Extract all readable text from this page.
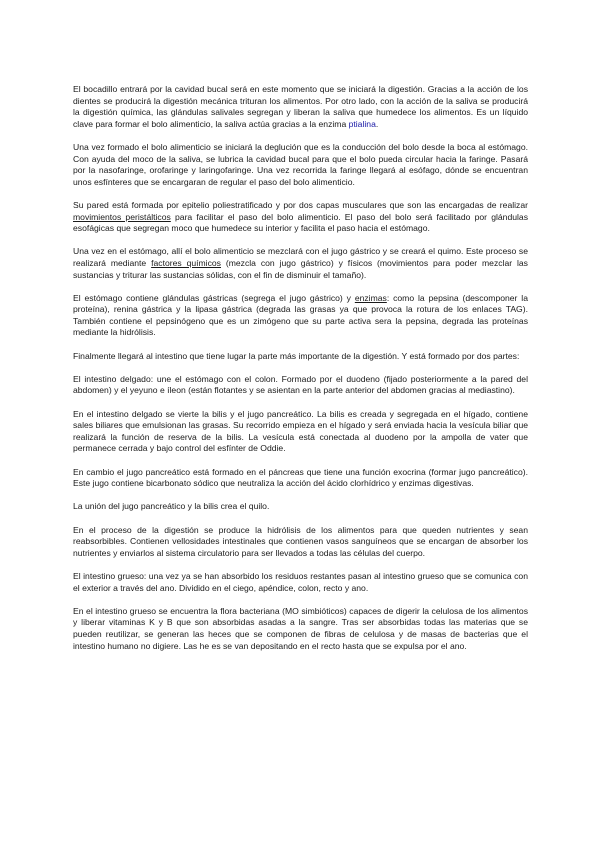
El bocadillo entrará por la cavidad bucal será en este momento que se iniciará la digestión. Gracias a la acción de los dientes se producirá la digestión mecánica trituran los alimentos. Por otro lado, con la acción de la saliva se producirá la digestión química, las glándulas salivales segregan y liberan la saliva que humedece los alimentos. Es un líquido clave para formar el bolo alimenticio, la saliva actúa gracias a la enzima ptialina.

Una vez formado el bolo alimenticio se iniciará la deglución que es la conducción del bolo desde la boca al estómago. Con ayuda del moco de la saliva, se lubrica la cavidad bucal para que el bolo pueda circular hacia la faringe. Pasará por la nasofaringe, orofaringe y laringofaringe. Una vez recorrida la faringe llegará al esófago, dónde se encuentran unos esfínteres que se encargaran de regular el paso del bolo alimenticio.

Su pared está formada por epitelio poliestratificado y por dos capas musculares que son las encargadas de realizar movimientos peristálticos para facilitar el paso del bolo alimenticio. El paso del bolo será facilitado por glándulas esofágicas que segregan moco que humedece su interior y facilita el paso hacia el estómago.

Una vez en el estómago, allí el bolo alimenticio se mezclará con el jugo gástrico y se creará el quimo. Este proceso se realizará mediante factores químicos (mezcla con jugo gástrico) y físicos (movimientos para poder mezclar las sustancias y triturar las sustancias sólidas, con el fin de disminuir el tamaño).

El estómago contiene glándulas gástricas (segrega el jugo gástrico) y enzimas: como la pepsina (descomponer la proteína), renina gástrica y la lipasa gástrica (degrada las grasas ya que provoca la rotura de los enlaces TAG). También contiene el pepsinógeno que es un zimógeno que su parte activa sera la pepsina, degrada las proteínas mediante la hidrólisis.

Finalmente llegará al intestino que tiene lugar la parte más importante de la digestión. Y está formado por dos partes:

El intestino delgado: une el estómago con el colon. Formado por el duodeno (fijado posteriormente a la pared del abdomen) y el yeyuno e íleon (están flotantes y se asientan en la parte anterior del abdomen gracias al mediastino).

En el intestino delgado se vierte la bilis y el jugo pancreático. La bilis es creada y segregada en el hígado, contiene sales biliares que emulsionan las grasas. Su recorrido empieza en el hígado y será enviada hacia la vesícula biliar que realizará la función de reserva de la bilis. La vesícula está conectada al duodeno por la ampolla de vater que permanece cerrada y bajo control del esfínter de Oddie.

En cambio el jugo pancreático está formado en el páncreas que tiene una función exocrina (formar jugo pancreático). Este jugo contiene bicarbonato sódico que neutraliza la acción del ácido clorhídrico y enzimas digestivas.

La unión del jugo pancreático y la bilis crea el quilo.

En el proceso de la digestión se produce la hidrólisis de los alimentos para que queden nutrientes y sean reabsorbibles. Contienen vellosidades intestinales que contienen vasos sanguíneos que se encargan de absorber los nutrientes y enviarlos al sistema circulatorio para ser llevados a todas las células del cuerpo.

El intestino grueso: una vez ya se han absorbido los residuos restantes pasan al intestino grueso que se comunica con el exterior a través del ano. Dividido en el ciego, apéndice, colon, recto y ano.

En el intestino grueso se encuentra la flora bacteriana (MO simbióticos) capaces de digerir la celulosa de los alimentos y liberar vitaminas K y B que son absorbidas asadas a la sangre. Tras ser absorbidas todas las materias que se pueden reutilizar, se generan las heces que se componen de fibras de celulosa y de masas de bacterias que el intestino humano no digiere. Las he es se van depositando en el recto hasta que se expulsa por el ano.
